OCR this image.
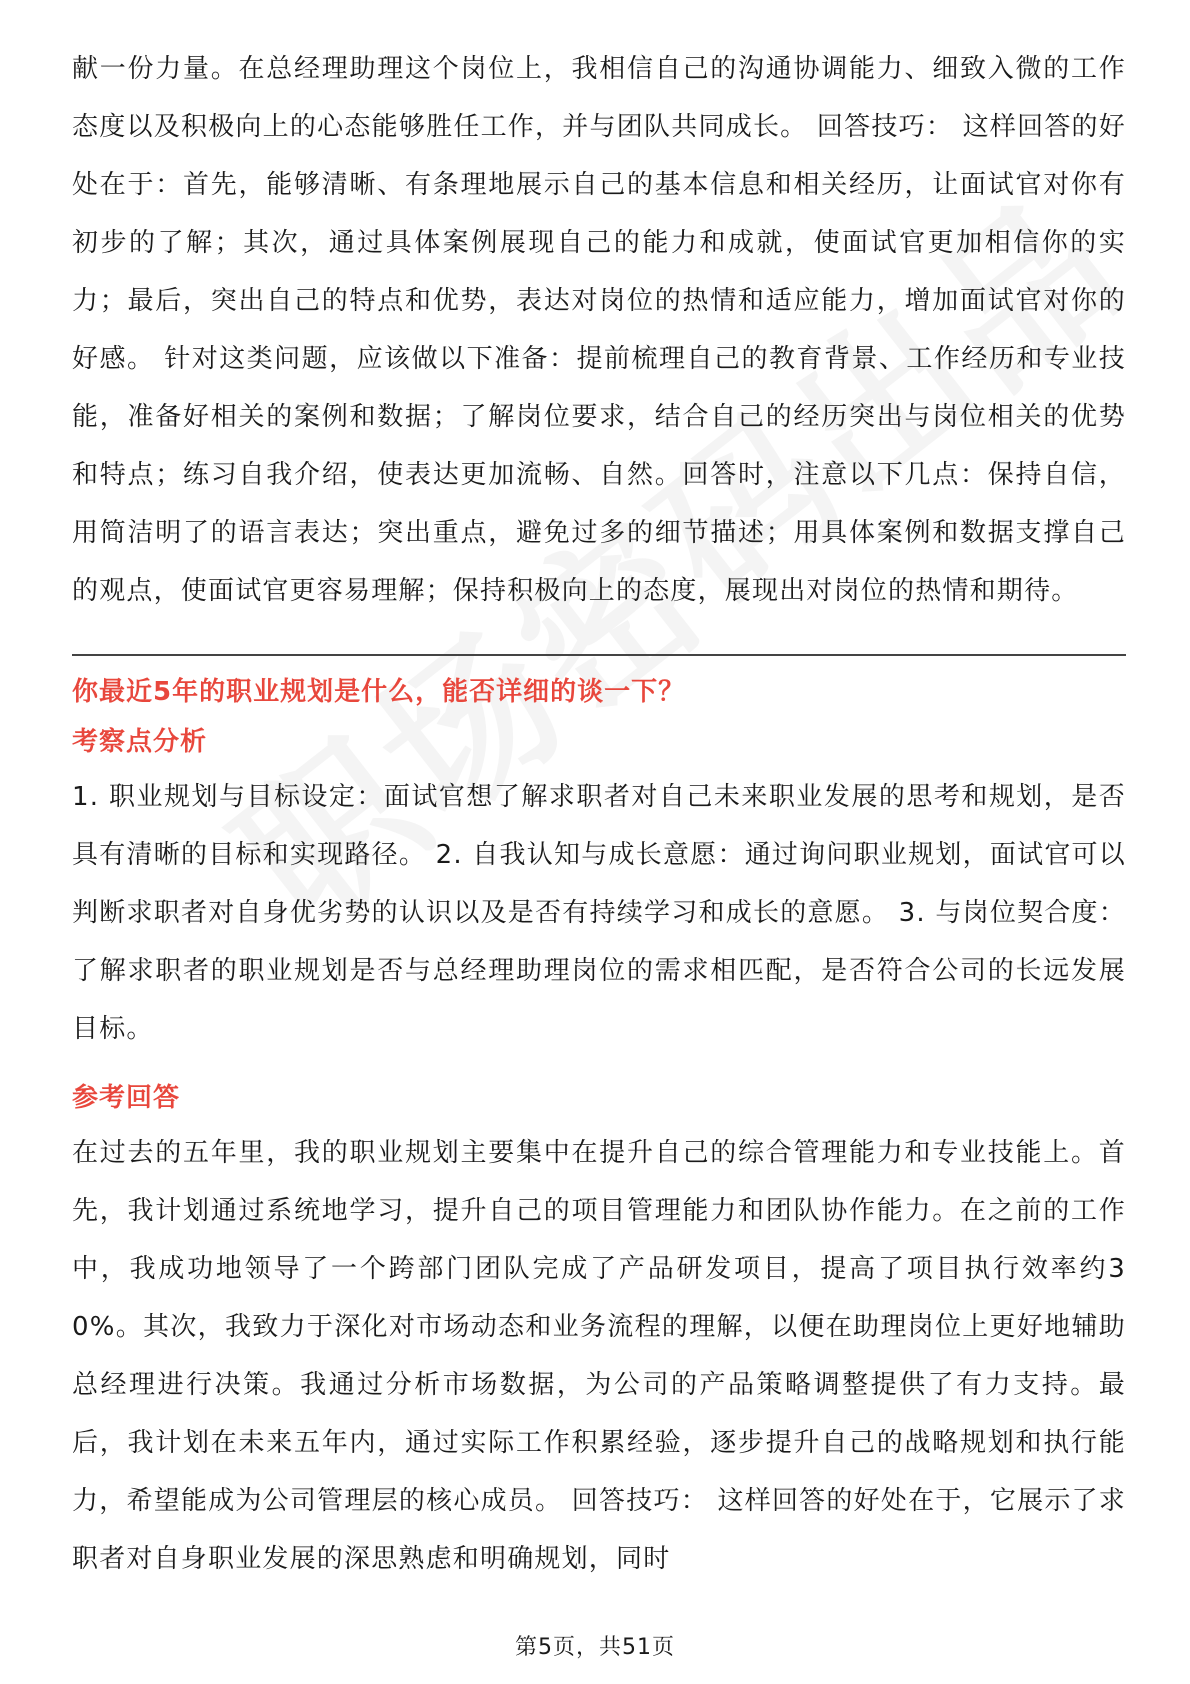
献一份力量。在总经理助理这个岗位上，我相信自己的沟通协调能力、细致入微的工作态度以及积极向上的心态能够胜任工作，并与团队共同成长。 回答技巧： 这样回答的好处在于：首先，能够清晰、有条理地展示自己的基本信息和相关经历，让面试官对你有初步的了解；其次，通过具体案例展现自己的能力和成就，使面试官更加相信你的实力；最后，突出自己的特点和优势，表达对岗位的热情和适应能力，增加面试官对你的好感。 针对这类问题，应该做以下准备：提前梳理自己的教育背景、工作经历和专业技能，准备好相关的案例和数据；了解岗位要求，结合自己的经历突出与岗位相关的优势和特点；练习自我介绍，使表达更加流畅、自然。回答时，注意以下几点：保持自信，用简洁明了的语言表达；突出重点，避免过多的细节描述；用具体案例和数据支撑自己的观点，使面试官更容易理解；保持积极向上的态度，展现出对岗位的热情和期待。

你最近5年的职业规划是什么，能否详细的谈一下？
考察点分析

1. 职业规划与目标设定：面试官想了解求职者对自己未来职业发展的思考和规划，是否具有清晰的目标和实现路径。 2. 自我认知与成长意愿：通过询问职业规划，面试官可以判断求职者对自身优劣势的认识以及是否有持续学习和成长的意愿。 3. 与岗位契合度：了解求职者的职业规划是否与总经理助理岗位的需求相匹配，是否符合公司的长远发展目标。

参考回答

在过去的五年里，我的职业规划主要集中在提升自己的综合管理能力和专业技能上。首先，我计划通过系统地学习，提升自己的项目管理能力和团队协作能力。在之前的工作中，我成功地领导了一个跨部门团队完成了产品研发项目，提高了项目执行效率约30%。其次，我致力于深化对市场动态和业务流程的理解，以便在助理岗位上更好地辅助总经理进行决策。我通过分析市场数据，为公司的产品策略调整提供了有力支持。最后，我计划在未来五年内，通过实际工作积累经验，逐步提升自己的战略规划和执行能力，希望能成为公司管理层的核心成员。 回答技巧： 这样回答的好处在于，它展示了求职者对自身职业发展的深思熟虑和明确规划，同时

第5页，共51页
